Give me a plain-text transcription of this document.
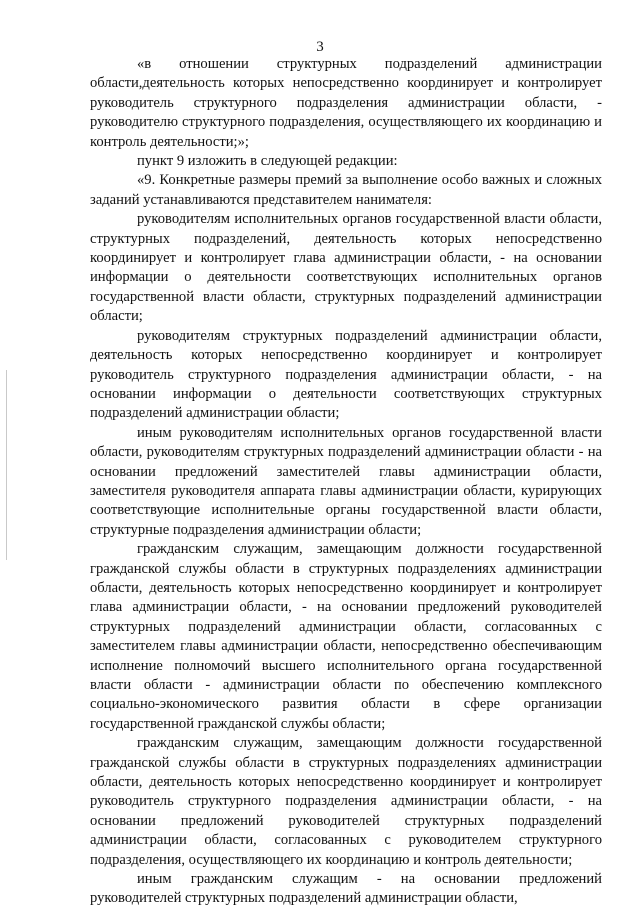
3

«в отношении структурных подразделений администрации области,деятельность которых непосредственно координирует и контролирует руководитель структурного подразделения администрации области, - руководителю структурного подразделения, осуществляющего их координацию и контроль деятельности;»;

пункт 9 изложить в следующей редакции:

«9. Конкретные размеры премий за выполнение особо важных и сложных заданий устанавливаются представителем нанимателя:

руководителям исполнительных органов государственной власти области, структурных подразделений, деятельность которых непосредственно координирует и контролирует глава администрации области, - на основании информации о деятельности соответствующих исполнительных органов государственной власти области, структурных подразделений администрации области;

руководителям структурных подразделений администрации области, деятельность которых непосредственно координирует и контролирует руководитель структурного подразделения администрации области, - на основании информации о деятельности соответствующих структурных подразделений администрации области;

иным руководителям исполнительных органов государственной власти области, руководителям структурных подразделений администрации области - на основании предложений заместителей главы администрации области, заместителя руководителя аппарата главы администрации области, курирующих соответствующие исполнительные органы государственной власти области, структурные подразделения администрации области;

гражданским служащим, замещающим должности государственной гражданской службы области в структурных подразделениях администрации области, деятельность которых непосредственно координирует и контролирует глава администрации области, - на основании предложений руководителей структурных подразделений администрации области, согласованных с заместителем главы администрации области, непосредственно обеспечивающим исполнение полномочий высшего исполнительного органа государственной власти области - администрации области по обеспечению комплексного социально-экономического развития области в сфере организации государственной гражданской службы области;

гражданским служащим, замещающим должности государственной гражданской службы области в структурных подразделениях администрации области, деятельность которых непосредственно координирует и контролирует руководитель структурного подразделения администрации области, - на основании предложений руководителей структурных подразделений администрации области, согласованных с руководителем структурного подразделения, осуществляющего их координацию и контроль деятельности;

иным гражданским служащим - на основании предложений руководителей структурных подразделений администрации области,
